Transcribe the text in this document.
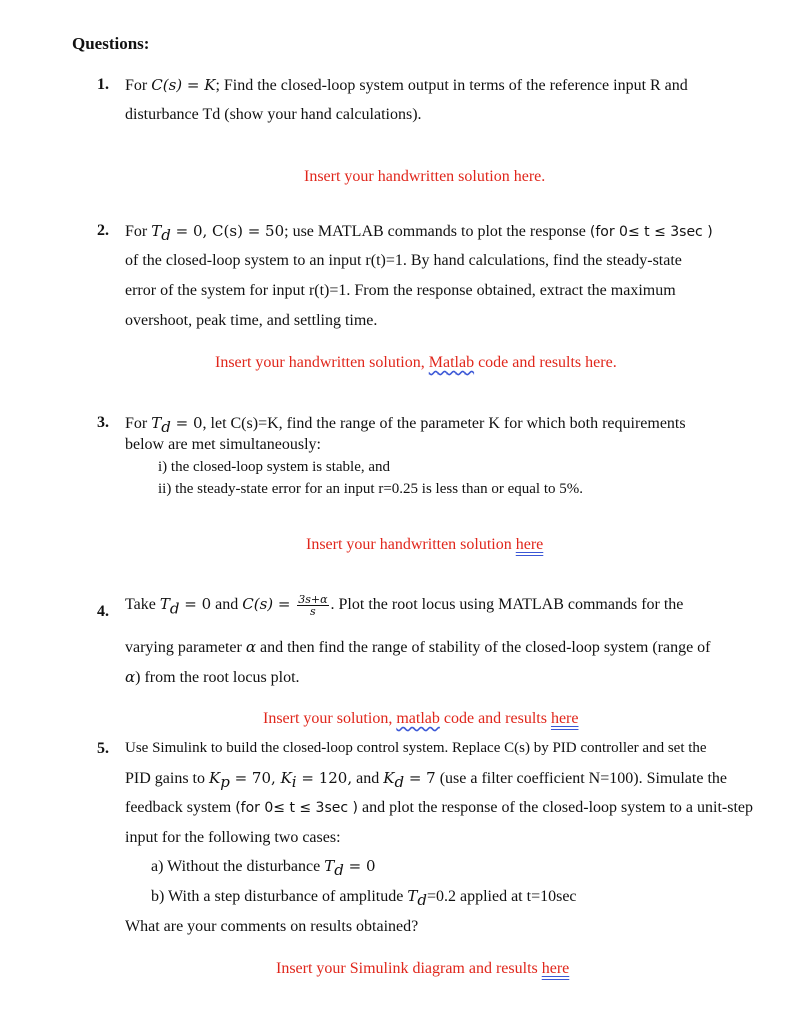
Questions:
1. For C(s) = K; Find the closed-loop system output in terms of the reference input R and
disturbance Td (show your hand calculations).
Insert your handwritten solution here.
2. For $T_d = 0$, C(s) = 50; use MATLAB commands to plot the response (for 0≤ t ≤ 3sec )
of the closed-loop system to an input r(t)=1. By hand calculations, find the steady-state
error of the system for input r(t)=1. From the response obtained, extract the maximum
overshoot, peak time, and settling time.
Insert your handwritten solution, Matlab code and results here.
3. For $T_d = 0$, let C(s)=K, find the range of the parameter K for which both requirements
below are met simultaneously:
i) the closed-loop system is stable, and
ii) the steady-state error for an input r=0.25 is less than or equal to 5%.
Insert your handwritten solution here
4. Take $T_d = 0$ and $C(s) = \frac{3s+\alpha}{s}$ . Plot the root locus using MATLAB commands for the
varying parameter α and then find the range of stability of the closed-loop system (range of
α) from the root locus plot.
Insert your solution, matlab code and results here
5. Use Simulink to build the closed-loop control system. Replace C(s) by PID controller and set the
PID gains to $K_p = 70$, $K_i = 120$, and $K_d = 7$ (use a filter coefficient N=100). Simulate the
feedback system (for 0≤ t ≤ 3sec ) and plot the response of the closed-loop system to a unit-step
input for the following two cases:
a) Without the disturbance $T_d = 0$
b) With a step disturbance of amplitude $T_d=0.2$ applied at t=10sec
What are your comments on results obtained?
Insert your Simulink diagram and results here
